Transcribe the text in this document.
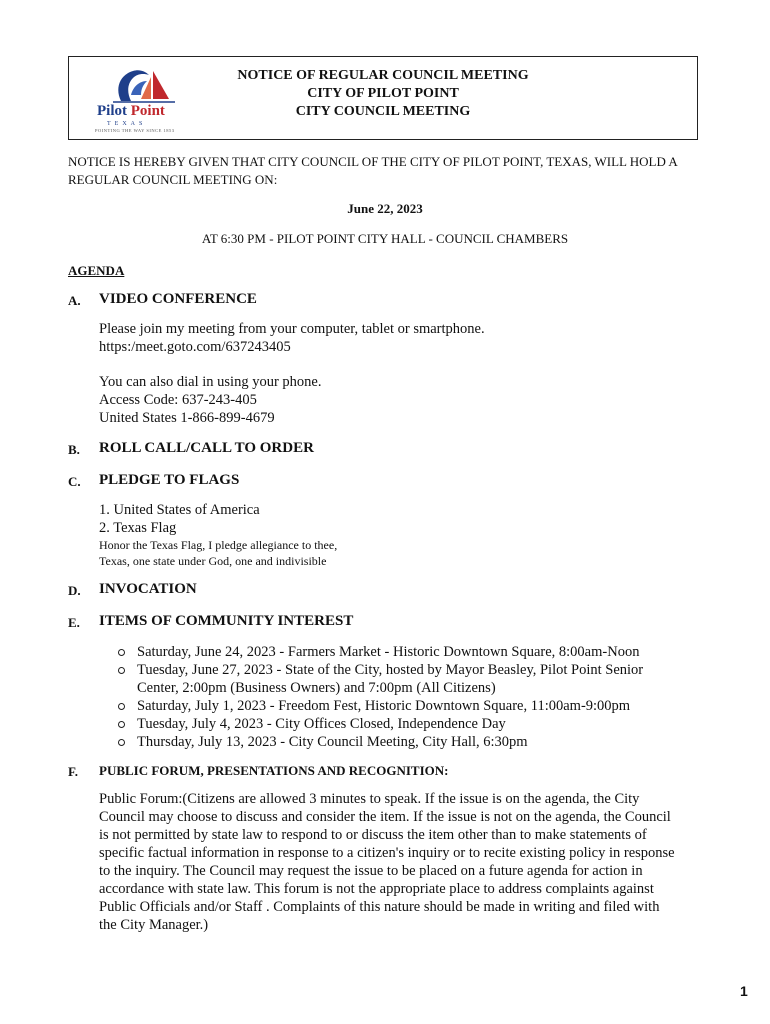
Pilot Point
TEXAS
POINTING THE WAY SINCE 1853
NOTICE OF REGULAR COUNCIL MEETING
CITY OF PILOT POINT
CITY COUNCIL MEETING
NOTICE IS HEREBY GIVEN THAT CITY COUNCIL OF THE CITY OF PILOT POINT, TEXAS, WILL HOLD A REGULAR COUNCIL MEETING ON:
June 22, 2023
AT 6:30 PM - PILOT POINT CITY HALL - COUNCIL CHAMBERS
AGENDA
A. VIDEO CONFERENCE
Please join my meeting from your computer, tablet or smartphone.
https:/meet.goto.com/637243405
You can also dial in using your phone.
Access Code: 637-243-405
United States 1-866-899-4679
B. ROLL CALL/CALL TO ORDER
C. PLEDGE TO FLAGS
1. United States of America
2. Texas Flag
Honor the Texas Flag, I pledge allegiance to thee,
Texas, one state under God, one and indivisible
D. INVOCATION
E. ITEMS OF COMMUNITY INTEREST
Saturday, June 24, 2023 - Farmers Market - Historic Downtown Square, 8:00am-Noon
Tuesday, June 27, 2023 - State of the City, hosted by Mayor Beasley, Pilot Point Senior Center, 2:00pm (Business Owners) and 7:00pm (All Citizens)
Saturday, July 1, 2023 - Freedom Fest, Historic Downtown Square, 11:00am-9:00pm
Tuesday, July 4, 2023 - City Offices Closed, Independence Day
Thursday, July 13, 2023 - City Council Meeting, City Hall, 6:30pm
F. PUBLIC FORUM, PRESENTATIONS AND RECOGNITION:
Public Forum:(Citizens are allowed 3 minutes to speak. If the issue is on the agenda, the City Council may choose to discuss and consider the item. If the issue is not on the agenda, the Council is not permitted by state law to respond to or discuss the item other than to make statements of specific factual information in response to a citizen's inquiry or to recite existing policy in response to the inquiry. The Council may request the issue to be placed on a future agenda for action in accordance with state law. This forum is not the appropriate place to address complaints against Public Officials and/or Staff . Complaints of this nature should be made in writing and filed with the City Manager.)
1
